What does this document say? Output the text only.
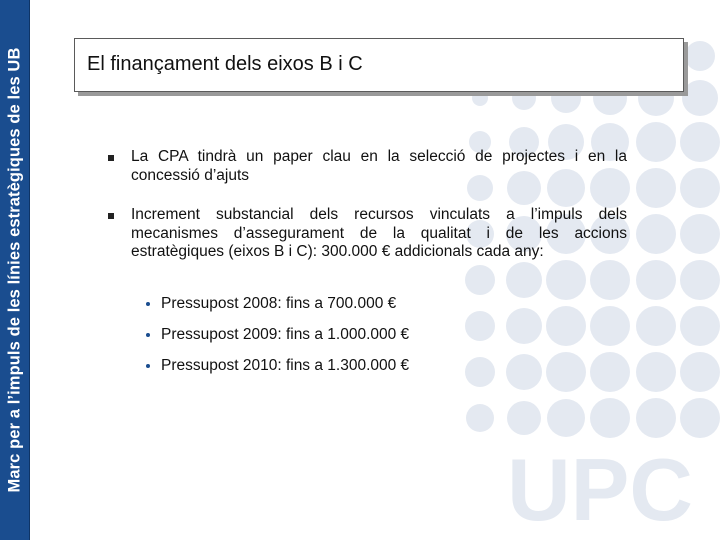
Marc per a l’impuls de les línies estratègiques de les UB	UPC
El finançament dels eixos B i C
La CPA tindrà un paper clau en la selecció de projectes i en la concessió d’ajuts
Increment substancial dels recursos vinculats a l’impuls dels mecanismes d’assegurament de la qualitat i de les accions estratègiques (eixos B i C): 300.000 € addicionals cada any:
Pressupost 2008: fins a 700.000 €
Pressupost 2009: fins a 1.000.000 €
Pressupost 2010: fins a 1.300.000 €
